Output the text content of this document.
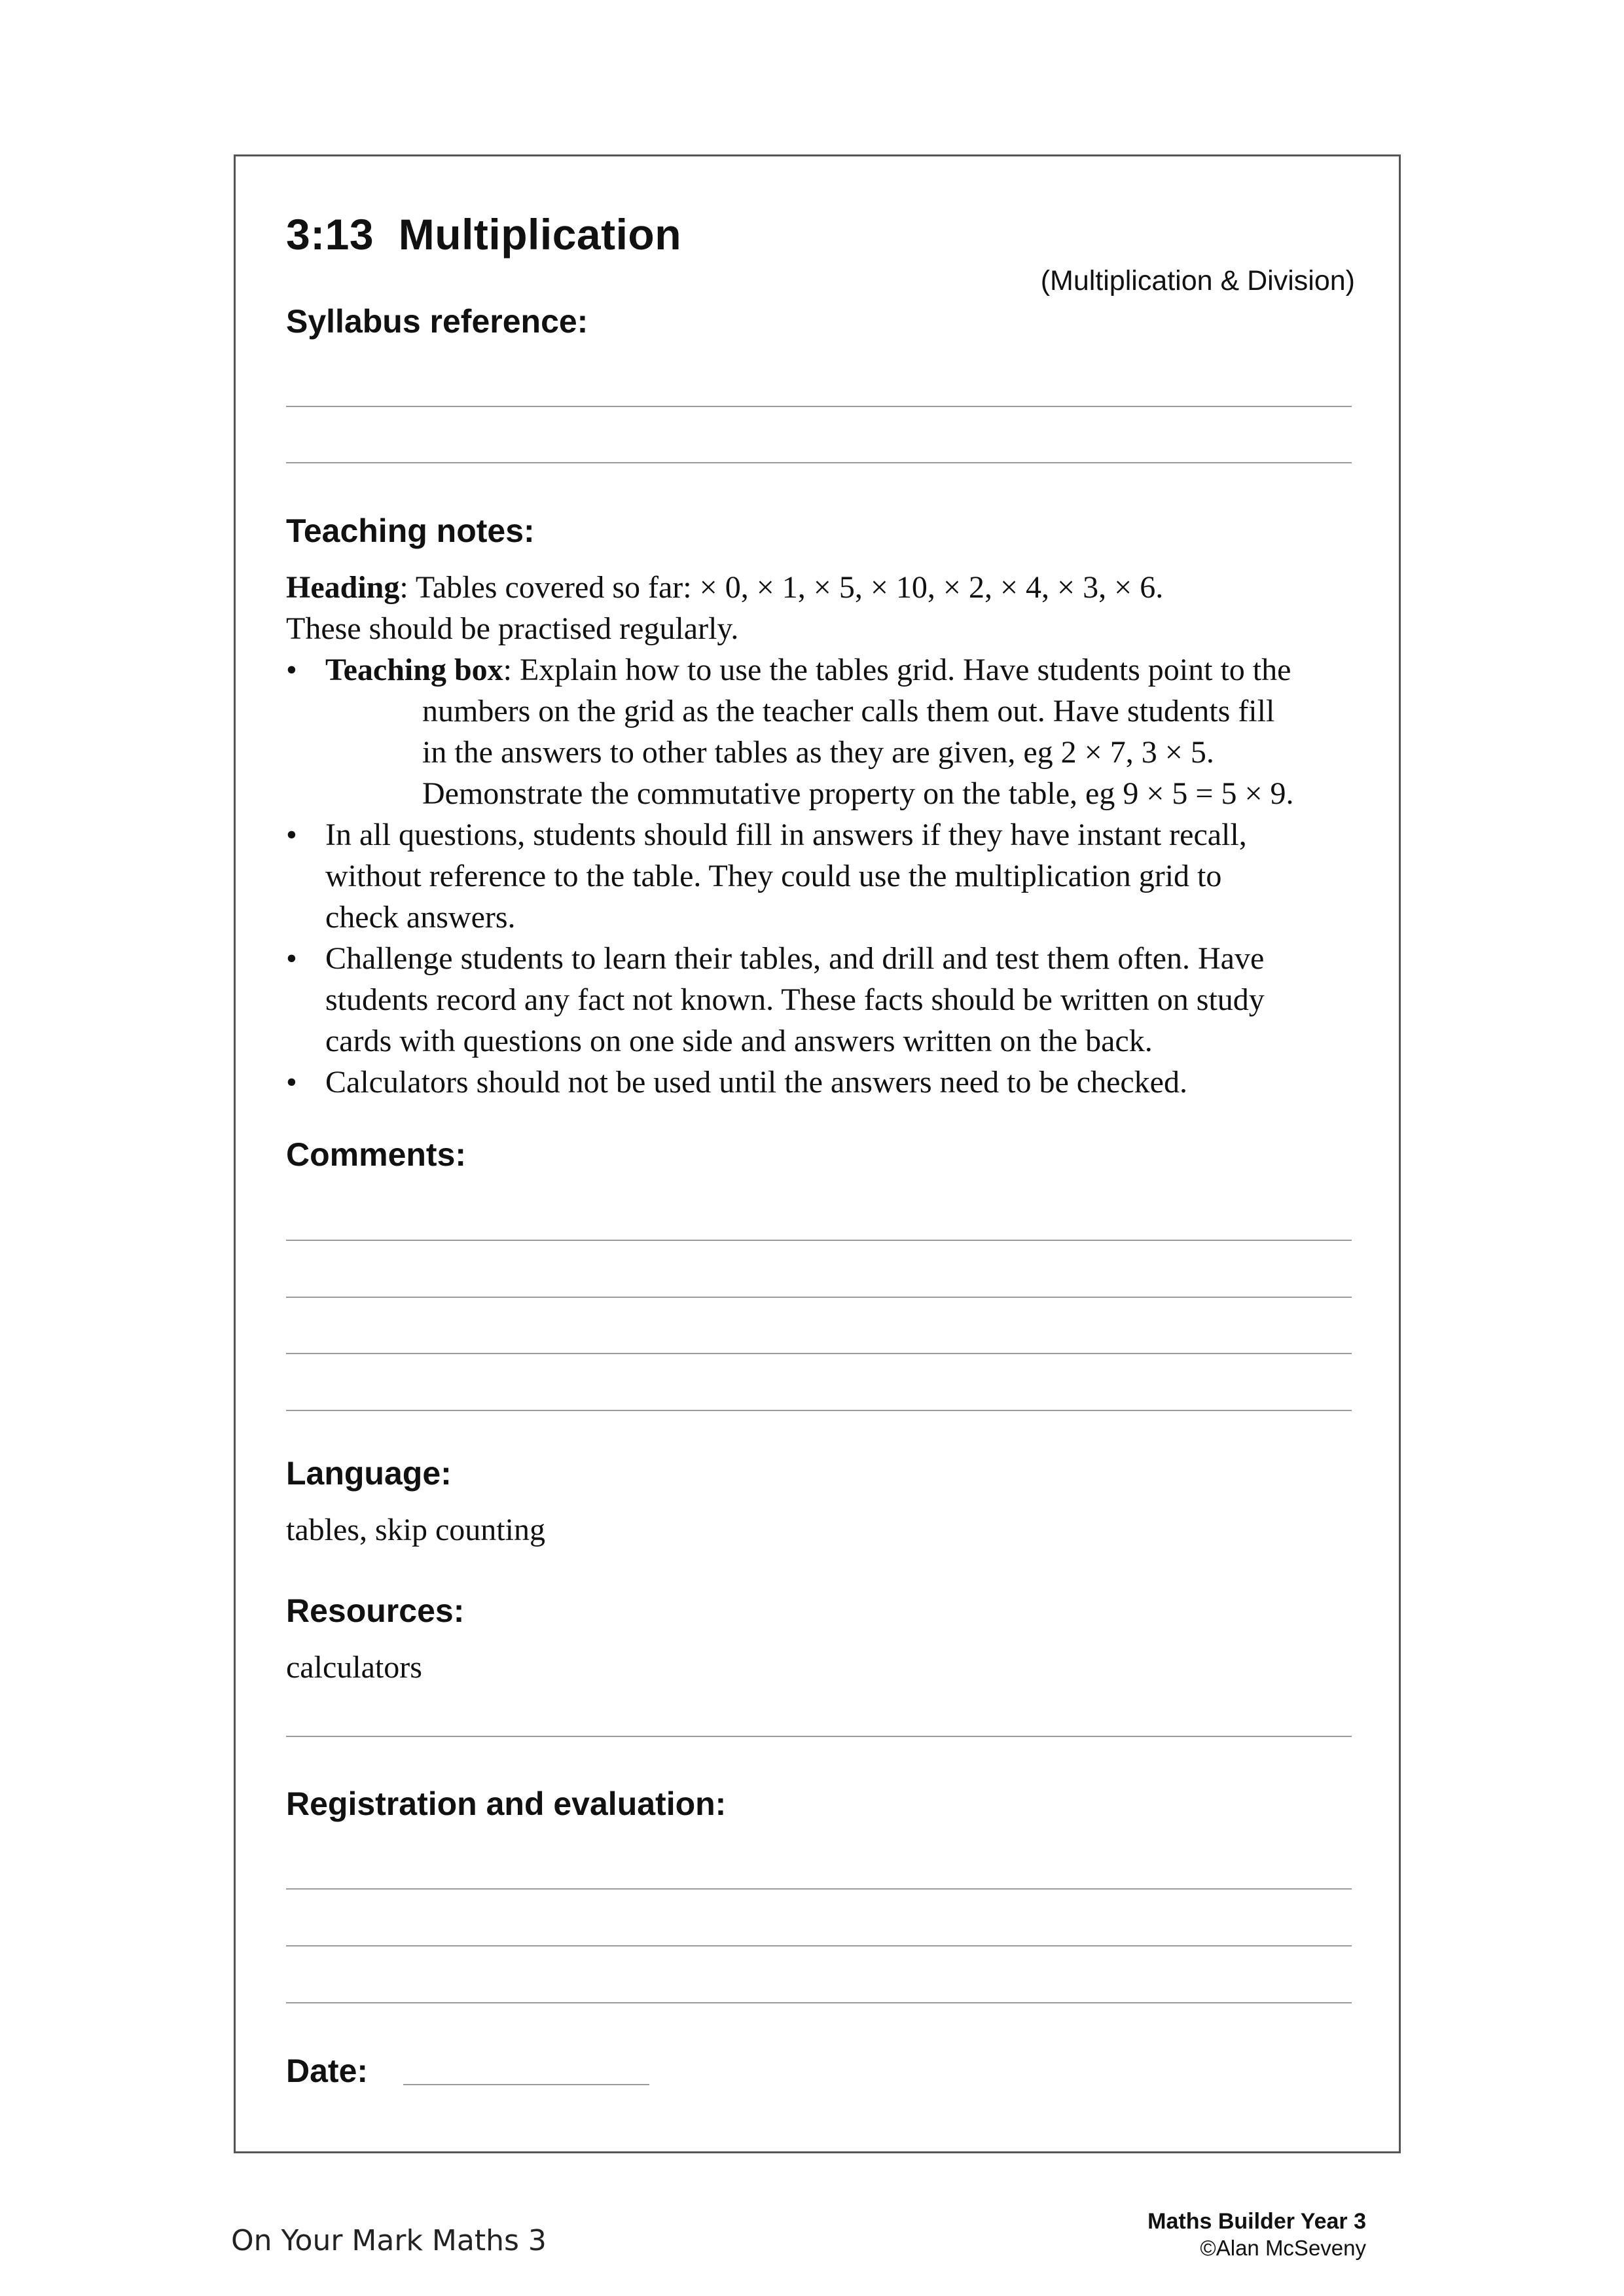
3:13  Multiplication
(Multiplication & Division)
Syllabus reference:
Teaching notes:

Heading: Tables covered so far: × 0, × 1, × 5, × 10, × 2, × 4, × 3, × 6.

These should be practised regularly.

• Teaching box: Explain how to use the tables grid. Have students point to the
numbers on the grid as the teacher calls them out. Have students fill
in the answers to other tables as they are given, eg 2 × 7, 3 × 5.
Demonstrate the commutative property on the table, eg 9 × 5 = 5 × 9.
• In all questions, students should fill in answers if they have instant recall,
without reference to the table. They could use the multiplication grid to
check answers.
• Challenge students to learn their tables, and drill and test them often. Have
students record any fact not known. These facts should be written on study
cards with questions on one side and answers written on the back.
• Calculators should not be used until the answers need to be checked.
Comments:
Language:
tables, skip counting
Resources:
calculators
Registration and evaluation:
Date:
On Your Mark Maths 3
Maths Builder Year 3
©Alan McSeveny
